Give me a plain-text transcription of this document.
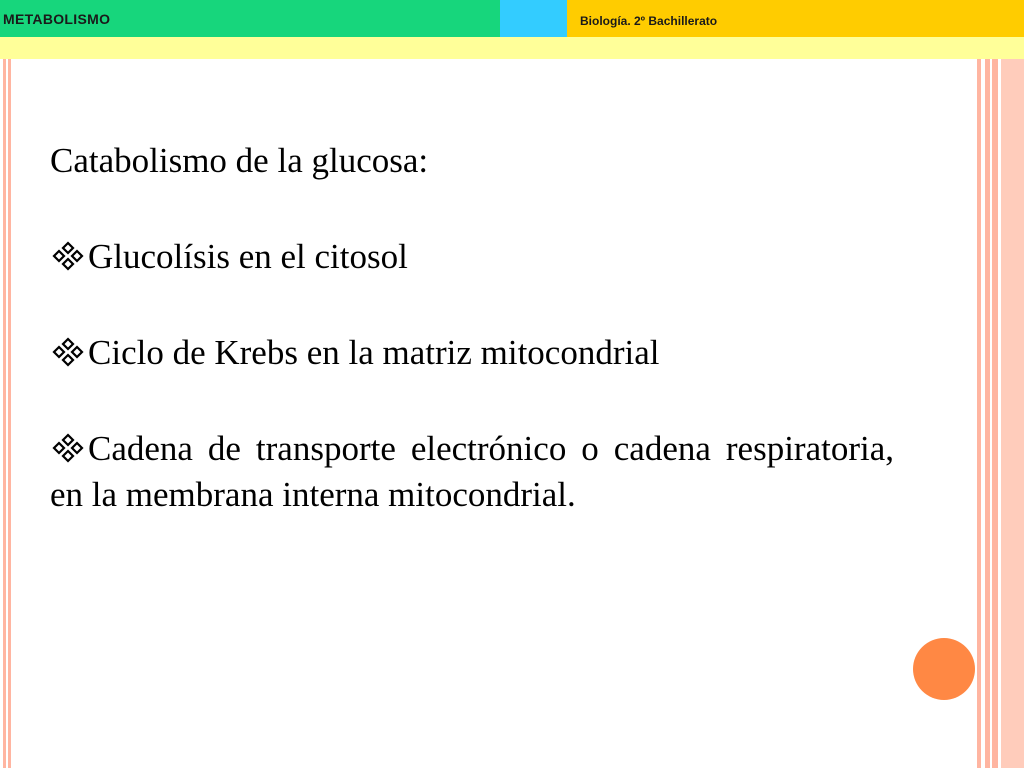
METABOLISMO	Biología. 2º Bachillerato

Catabolismo de la glucosa:

Glucolísis en el citosol

Ciclo de Krebs en la matriz mitocondrial

Cadena de transporte electrónico o cadena respiratoria, en la membrana interna mitocondrial.
